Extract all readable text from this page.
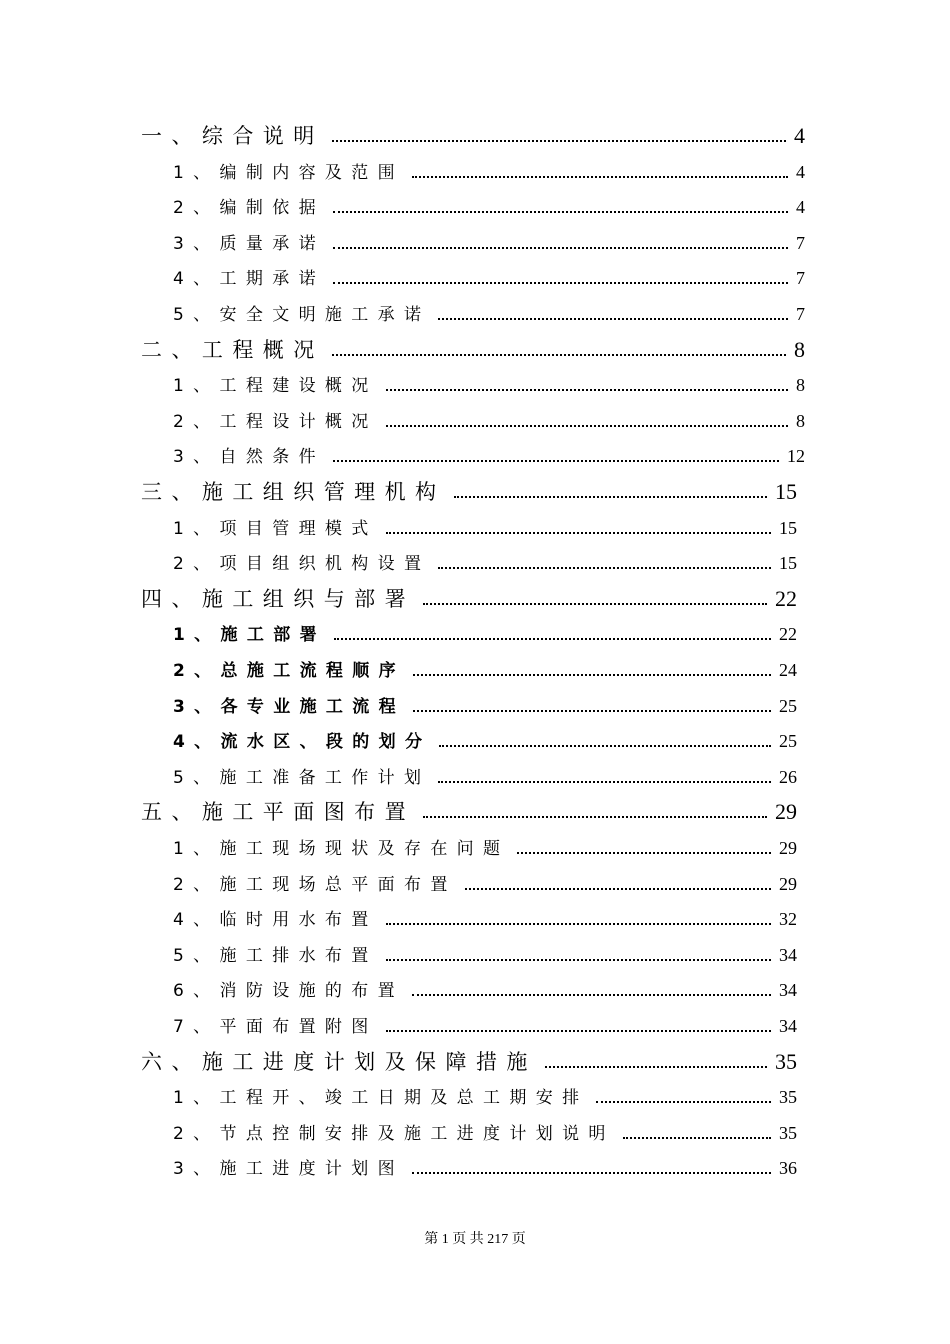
一、综合说明	4
1、编制内容及范围	4
2、编制依据	4
3、质量承诺	7
4、工期承诺	7
5、安全文明施工承诺	7
二、工程概况	8
1、工程建设概况	8
2、工程设计概况	8
3、自然条件	12
三、施工组织管理机构	15
1、项目管理模式	15
2、项目组织机构设置	15
四、施工组织与部署	22
1、施工部署	22
2、总施工流程顺序	24
3、各专业施工流程	25
4、流水区、段的划分	25
5、施工准备工作计划	26
五、施工平面图布置	29
1、施工现场现状及存在问题	29
2、施工现场总平面布置	29
4、临时用水布置	32
5、施工排水布置	34
6、消防设施的布置	34
7、平面布置附图	34
六、施工进度计划及保障措施	35
1、工程开、竣工日期及总工期安排	35
2、节点控制安排及施工进度计划说明	35
3、施工进度计划图	36
第 1 页 共 217 页
